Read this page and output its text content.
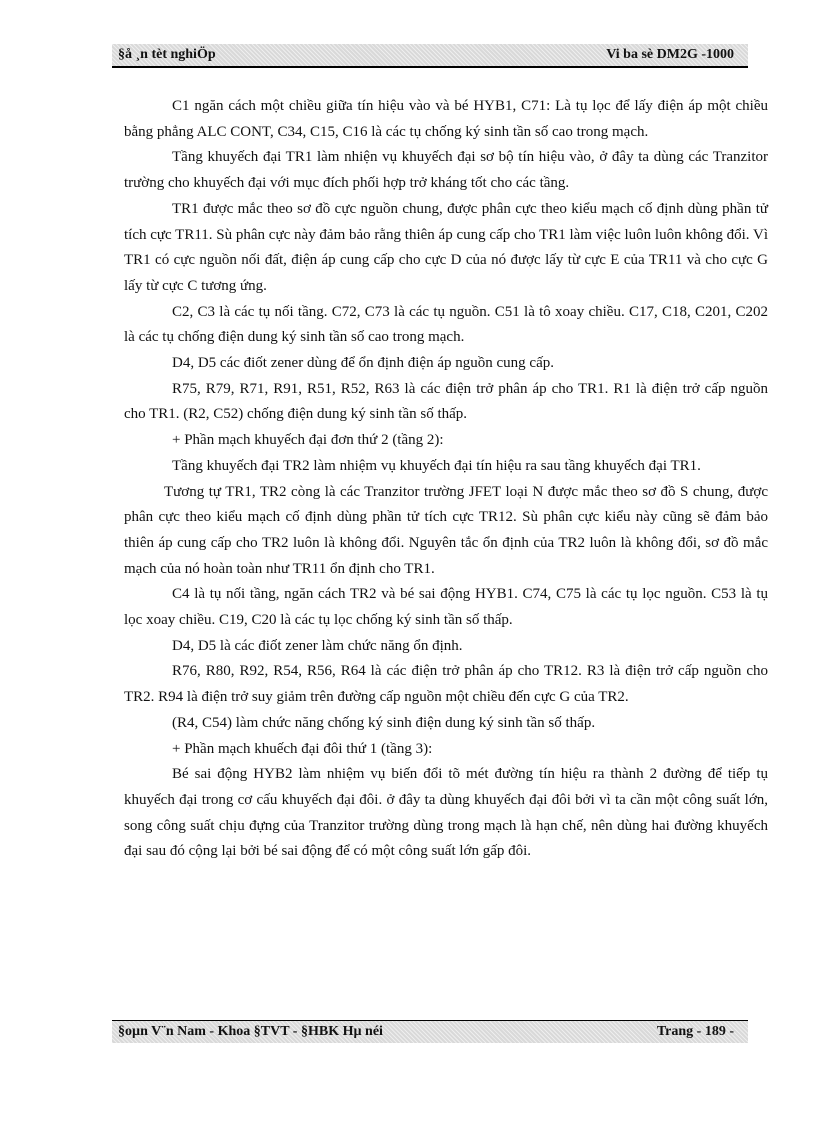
§å ¸n tèt nghiÖp	Vi ba sè DM2G -1000

C1 ngăn cách một chiều giữa tín hiệu vào và bé HYB1, C71: Là tụ lọc để lấy điện áp một chiều bằng phẳng ALC CONT, C34, C15, C16 là các tụ chống ký sinh tần số cao trong mạch.

Tầng khuyếch đại TR1 làm nhiện vụ khuyếch đại sơ bộ tín hiệu vào, ở đây ta dùng các Tranzitor trường cho khuyếch đại với mục đích phối hợp trở kháng tốt cho các tầng.

TR1 được mắc theo sơ đồ cực nguồn chung, được phân cực theo kiểu mạch cố định dùng phần tử tích cực TR11. Sù phân cực này đảm bảo rằng thiên áp cung cấp cho TR1 làm việc luôn luôn không đổi. Vì TR1 có cực nguồn nối đất, điện áp cung cấp cho cực D của nó được lấy từ cực E của TR11 và cho cực G lấy từ cực C tương ứng.

C2, C3 là các tụ nối tầng. C72, C73 là các tụ nguồn. C51 là tô xoay chiều. C17, C18, C201, C202 là các tụ chống điện dung ký sinh tần số cao trong mạch.

D4, D5 các điốt zener dùng để ổn định điện áp nguồn cung cấp.

R75, R79, R71, R91, R51, R52, R63 là các điện trở phân áp cho TR1. R1 là điện trở cấp nguồn cho TR1. (R2, C52) chống điện dung ký sinh tần số thấp.

+ Phần mạch khuyếch đại đơn thứ 2 (tầng 2):

Tầng khuyếch đại TR2 làm nhiệm vụ khuyếch đại tín hiệu ra sau tầng khuyếch đại TR1.

Tương tự TR1, TR2 còng là các Tranzitor trường JFET loại N được mắc theo sơ đồ S chung, được phân cực theo kiểu mạch cố định dùng phần tử tích cực TR12. Sù phân cực kiểu này cũng sẽ đảm bảo thiên áp cung cấp cho TR2 luôn là không đổi. Nguyên tắc ổn định của TR2 luôn là không đổi, sơ đồ mắc mạch của nó hoàn toàn như TR11 ổn định cho TR1.

C4 là tụ nối tầng, ngăn cách TR2 và bé sai động HYB1. C74, C75 là các tụ lọc nguồn. C53 là tụ lọc xoay chiều. C19, C20 là các tụ lọc chống ký sinh tần số thấp.

D4, D5 là các điốt zener làm chức năng ổn định.

R76, R80, R92, R54, R56, R64 là các điện trở phân áp cho TR12. R3 là điện trở cấp nguồn cho TR2. R94 là điện trở suy giảm trên đường cấp nguồn một chiều đến cực G của TR2.

(R4, C54) làm chức năng chống ký sinh điện dung ký sinh tần số thấp.

+ Phần mạch khuếch đại đôi thứ 1 (tầng 3):

Bé sai động HYB2 làm nhiệm vụ biến đổi tõ mét đường tín hiệu ra thành 2 đường để tiếp tụ khuyếch đại trong cơ cấu khuyếch đại đôi. ở đây ta dùng khuyếch đại đôi bởi vì ta cần một công suất lớn, song công suất chịu đựng của Tranzitor trường dùng trong mạch là hạn chế, nên dùng hai đường khuyếch đại sau đó cộng lại bởi bé sai động để có một công suất lớn gấp đôi.

§oµn V¨n Nam - Khoa §TVT - §HBK Hµ néi	Trang - 189 -
